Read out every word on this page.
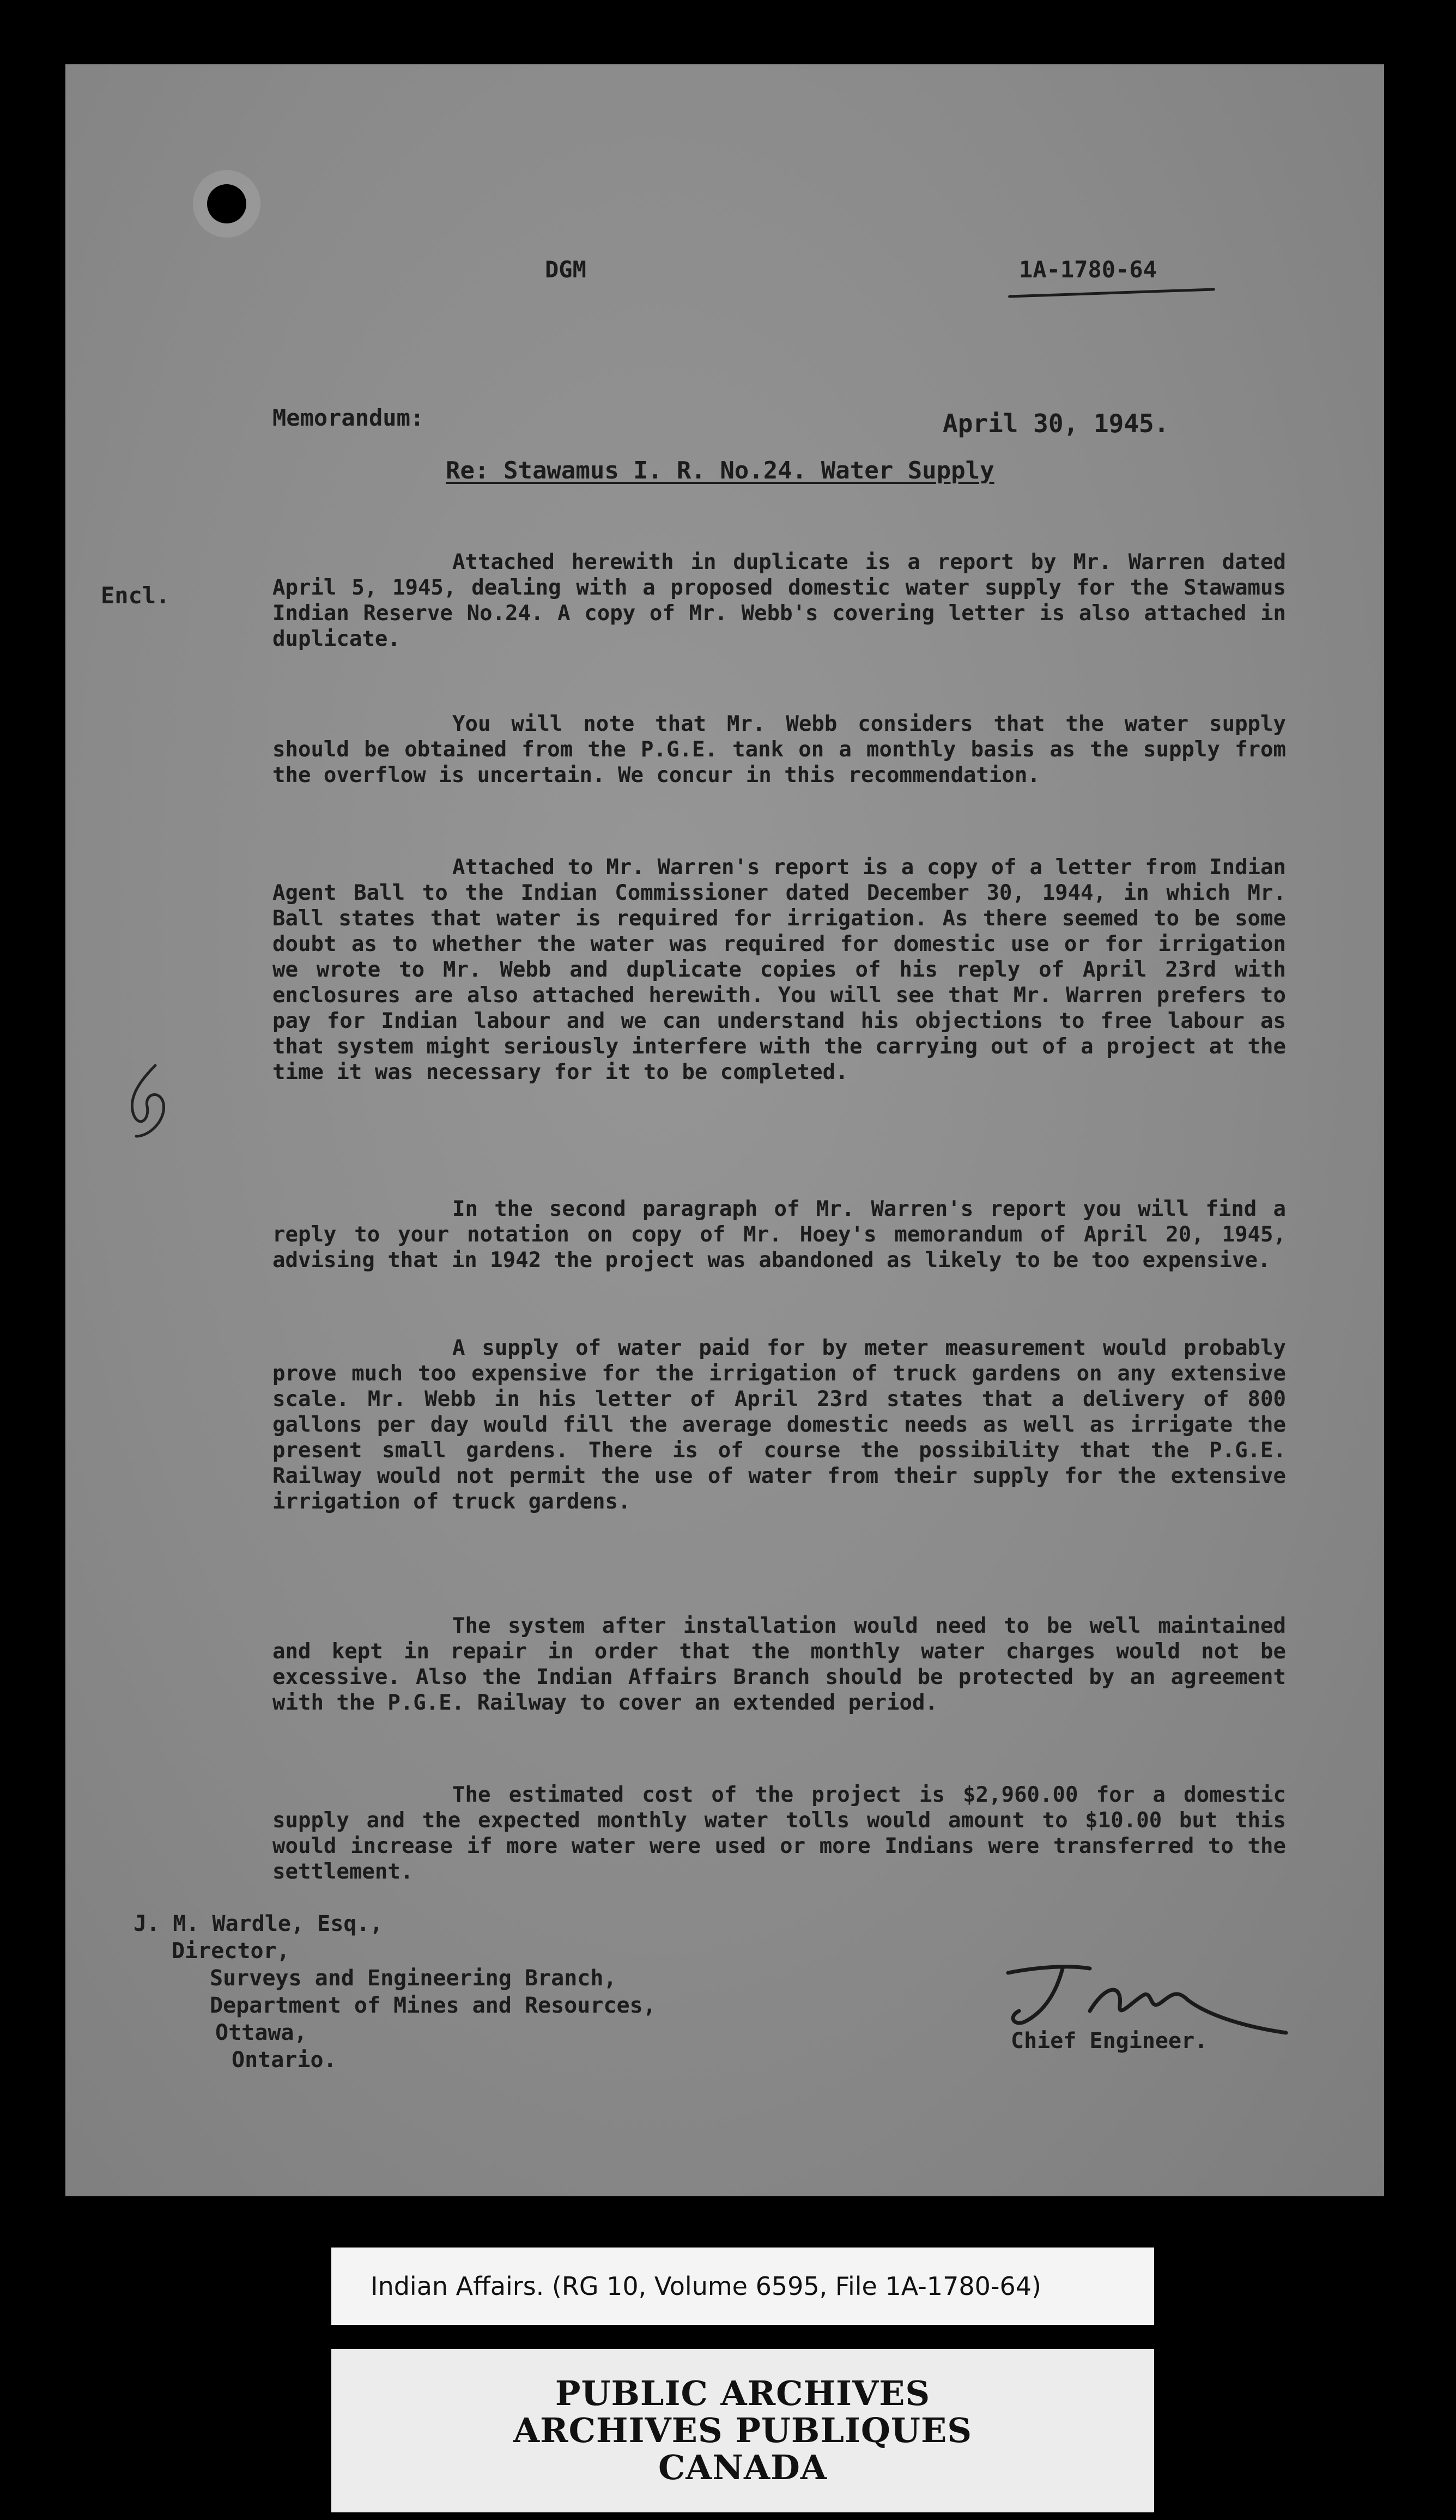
DGM	1A-1780-64
Memorandum:	April 30, 1945.
Re: Stawamus I. R. No.24. Water Supply
Encl.
Attached herewith in duplicate is a report by Mr. Warren dated April 5, 1945, dealing with a proposed domestic water supply for the Stawamus Indian Reserve No.24. A copy of Mr. Webb's covering letter is also attached in duplicate.
You will note that Mr. Webb considers that the water supply should be obtained from the P.G.E. tank on a monthly basis as the supply from the overflow is uncertain. We concur in this recommendation.
Attached to Mr. Warren's report is a copy of a letter from Indian Agent Ball to the Indian Commissioner dated December 30, 1944, in which Mr. Ball states that water is required for irrigation. As there seemed to be some doubt as to whether the water was required for domestic use or for irrigation we wrote to Mr. Webb and duplicate copies of his reply of April 23rd with enclosures are also attached herewith. You will see that Mr. Warren prefers to pay for Indian labour and we can understand his objections to free labour as that system might seriously interfere with the carrying out of a project at the time it was necessary for it to be completed.
In the second paragraph of Mr. Warren's report you will find a reply to your notation on copy of Mr. Hoey's memorandum of April 20, 1945, advising that in 1942 the project was abandoned as likely to be too expensive.
A supply of water paid for by meter measurement would probably prove much too expensive for the irrigation of truck gardens on any extensive scale. Mr. Webb in his letter of April 23rd states that a delivery of 800 gallons per day would fill the average domestic needs as well as irrigate the present small gardens. There is of course the possibility that the P.G.E. Railway would not permit the use of water from their supply for the extensive irrigation of truck gardens.
The system after installation would need to be well maintained and kept in repair in order that the monthly water charges would not be excessive. Also the Indian Affairs Branch should be protected by an agreement with the P.G.E. Railway to cover an extended period.
The estimated cost of the project is $2,960.00 for a domestic supply and the expected monthly water tolls would amount to $10.00 but this would increase if more water were used or more Indians were transferred to the settlement.
J. M. Wardle, Esq.,
Director,
Surveys and Engineering Branch,
Department of Mines and Resources,
Ottawa,
Ontario.
Chief Engineer.
Indian Affairs. (RG 10, Volume 6595, File 1A-1780-64)
PUBLIC ARCHIVES
ARCHIVES PUBLIQUES
CANADA
